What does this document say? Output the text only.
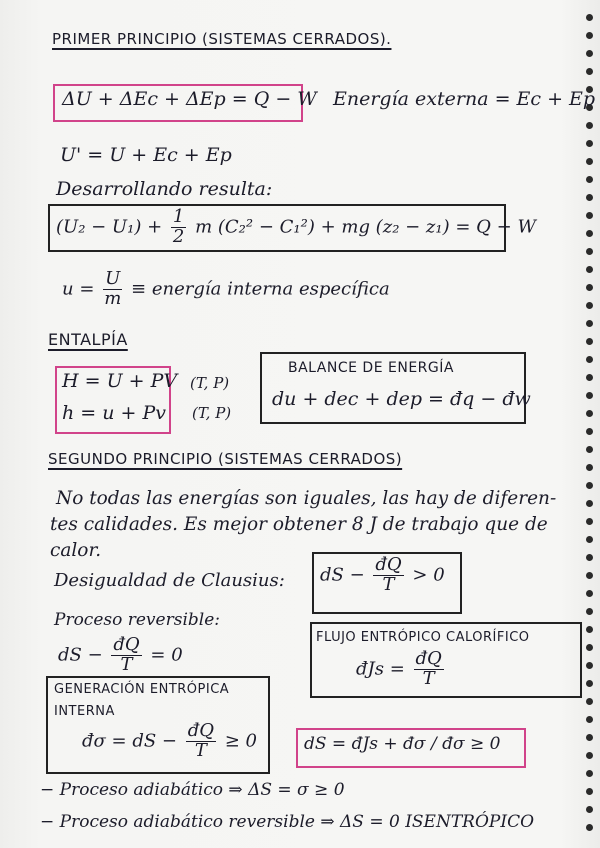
PRIMER PRINCIPIO (SISTEMAS CERRADOS).
ΔU + ΔEc + ΔEp = Q − W Energía externa = Ec + Ep
U' = U + Ec + Ep
Desarrollando resulta:
$(U_2 - U_1) + \frac{1}{2}$ m (C₂² − C₁²) + mg (z₂ − z₁) = Q − W
$u = \frac{U}{m}$ ≡ energía interna específica
ENTALPÍA
H = U + PV
h = u + Pv
(T, P)
(T, P)
BALANCE DE ENERGÍA
du + dec + dep = đq − đw
SEGUNDO PRINCIPIO (SISTEMAS CERRADOS)
No todas las energías son iguales, las hay de diferen-
tes calidades. Es mejor obtener 8 J de trabajo que de
calor.
Desigualdad de Clausius: dS − $\frac{đQ}{T} > 0$
Proceso reversible:
dS − $\frac{đQ}{T} = 0$
FLUJO ENTRÓPICO CALORÍFICO
đJs = $\frac{đQ}{T}$
GENERACIÓN ENTRÓPICA
INTERNA
đσ = dS − $\frac{đQ}{T} \ge 0$	dS = đJs + đσ / đσ ≥ 0
− Proceso adiabático ⇒ ΔS = σ ≥ 0
− Proceso adiabático reversible ⇒ ΔS = 0 ISENTRÓPICO
